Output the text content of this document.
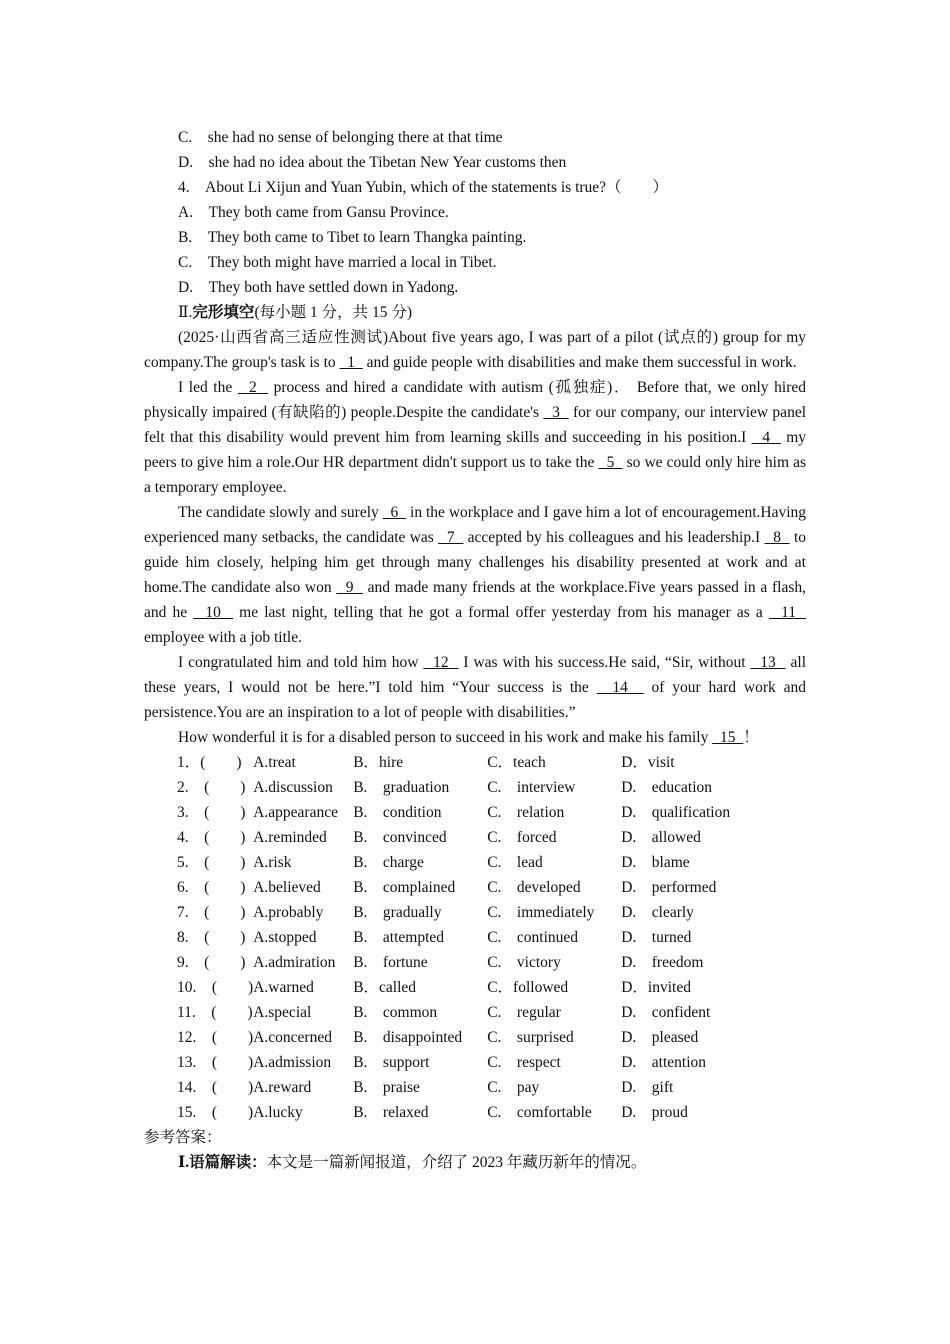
C.　she had no sense of belonging there at that time
D.　she had no idea about the Tibetan New Year customs then
4.　About Li Xijun and Yuan Yubin, which of the statements is true?（　　）
A.　They both came from Gansu Province.
B.　They both came to Tibet to learn Thangka painting.
C.　They both might have married a local in Tibet.
D.　They both have settled down in Yadong.
Ⅱ.完形填空(每小题 1 分，共 15 分)
(2025·山西省高三适应性测试)About five years ago, I was part of a pilot (试点的) group for my company.The group's task is to   1   and guide people with disabilities and make them successful in work.
I led the   2   process and hired a candidate with autism (孤独症)． Before that, we only hired physically impaired (有缺陷的) people.Despite the candidate's   3   for our company, our interview panel felt that this disability would prevent him from learning skills and succeeding in his position.I   4   my peers to give him a role.Our HR department didn't support us to take the   5   so we could only hire him as a temporary employee.
The candidate slowly and surely   6   in the workplace and I gave him a lot of encouragement.Having experienced many setbacks, the candidate was   7   accepted by his colleagues and his leadership.I   8   to guide him closely, helping him get through many challenges his disability presented at work and at home.The candidate also won   9   and made many friends at the workplace.Five years passed in a flash, and he   10   me last night, telling that he got a formal offer yesterday from his manager as a   11   employee with a job title.
I congratulated him and told him how   12   I was with his success.He said, “Sir, without   13   all these years, I would not be here.”I told him “Your success is the   14   of your hard work and persistence.You are an inspiration to a lot of people with disabilities.”
How wonderful it is for a disabled person to succeed in his work and make his family   15  ！
1．(　　)	A.treat	B．hire	C．teach	D．visit
2.　(　　)	A.discussion	B.　graduation	C.　interview	D.　education
3.　(　　)	A.appearance	B.　condition	C.　relation	D.　qualification
4.　(　　)	A.reminded	B.　convinced	C.　forced	D.　allowed
5.　(　　)	A.risk	B.　charge	C.　lead	D.　blame
6.　(　　)	A.believed	B.　complained	C.　developed	D.　performed
7.　(　　)	A.probably	B.　gradually	C.　immediately	D.　clearly
8.　(　　)	A.stopped	B.　attempted	C.　continued	D.　turned
9.　(　　)	A.admiration	B.　fortune	C.　victory	D.　freedom
10.　(　　)	A.warned	B．called	C．followed	D．invited
11.　(　　)	A.special	B.　common	C.　regular	D.　confident
12.　(　　)	A.concerned	B.　disappointed	C.　surprised	D.　pleased
13.　(　　)	A.admission	B.　support	C.　respect	D.　attention
14.　(　　)	A.reward	B.　praise	C.　pay	D.　gift
15.　(　　)	A.lucky	B.　relaxed	C.　comfortable	D.　proud
参考答案：
Ⅰ.语篇解读：本文是一篇新闻报道，介绍了 2023 年藏历新年的情况。
